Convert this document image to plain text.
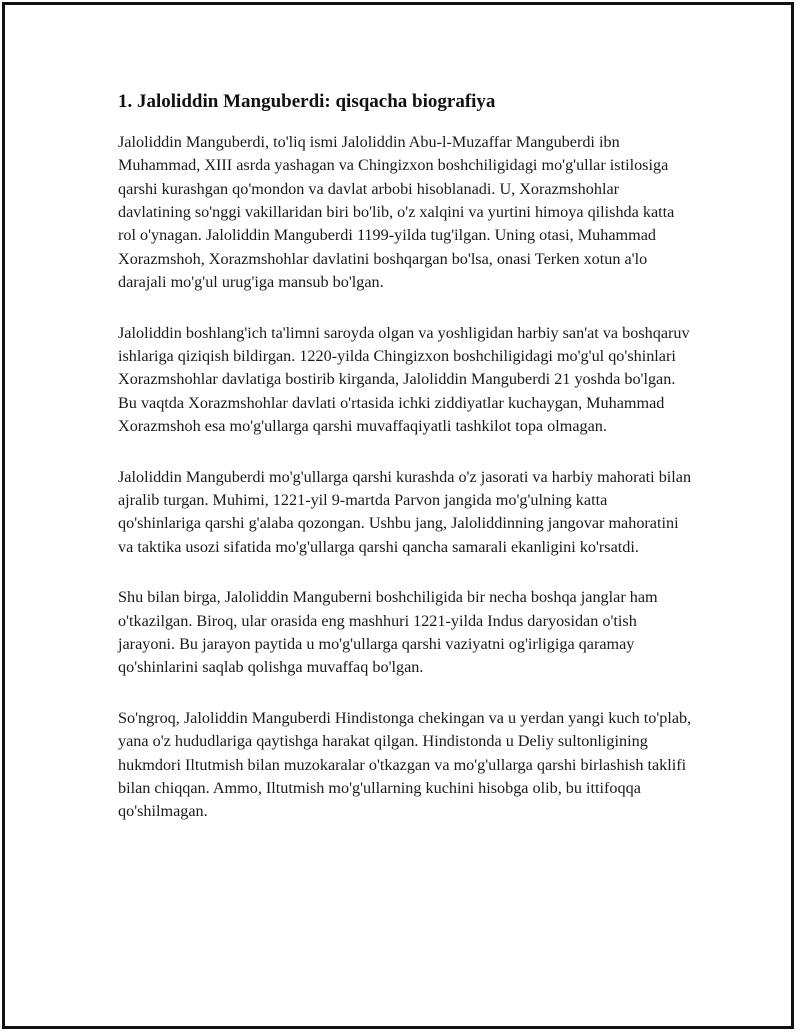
1. Jaloliddin Manguberdi: qisqacha biografiya

Jaloliddin Manguberdi, to'liq ismi Jaloliddin Abu-l-Muzaffar Manguberdi ibn Muhammad, XIII asrda yashagan va Chingizxon boshchiligidagi mo'g'ullar istilosiga qarshi kurashgan qo'mondon va davlat arbobi hisoblanadi. U, Xorazmshohlar davlatining so'nggi vakillaridan biri bo'lib, o'z xalqini va yurtini himoya qilishda katta rol o'ynagan. Jaloliddin Manguberdi 1199-yilda tug'ilgan. Uning otasi, Muhammad Xorazmshoh, Xorazmshohlar davlatini boshqargan bo'lsa, onasi Terken xotun a'lo darajali mo'g'ul urug'iga mansub bo'lgan.

Jaloliddin boshlang'ich ta'limni saroyda olgan va yoshligidan harbiy san'at va boshqaruv ishlariga qiziqish bildirgan. 1220-yilda Chingizxon boshchiligidagi mo'g'ul qo'shinlari Xorazmshohlar davlatiga bostirib kirganda, Jaloliddin Manguberdi 21 yoshda bo'lgan. Bu vaqtda Xorazmshohlar davlati o'rtasida ichki ziddiyatlar kuchaygan, Muhammad Xorazmshoh esa mo'g'ullarga qarshi muvaffaqiyatli tashkilot topa olmagan.

Jaloliddin Manguberdi mo'g'ullarga qarshi kurashda o'z jasorati va harbiy mahorati bilan ajralib turgan. Muhimi, 1221-yil 9-martda Parvon jangida mo'g'ulning katta qo'shinlariga qarshi g'alaba qozongan. Ushbu jang, Jaloliddinning jangovar mahoratini va taktika usozi sifatida mo'g'ullarga qarshi qancha samarali ekanligini ko'rsatdi.

Shu bilan birga, Jaloliddin Manguberni boshchiligida bir necha boshqa janglar ham o'tkazilgan. Biroq, ular orasida eng mashhuri 1221-yilda Indus daryosidan o'tish jarayoni. Bu jarayon paytida u mo'g'ullarga qarshi vaziyatni og'irligiga qaramay qo'shinlarini saqlab qolishga muvaffaq bo'lgan.

So'ngroq, Jaloliddin Manguberdi Hindistonga chekingan va u yerdan yangi kuch to'plab, yana o'z hududlariga qaytishga harakat qilgan. Hindistonda u Deliy sultonligining hukmdori Iltutmish bilan muzokaralar o'tkazgan va mo'g'ullarga qarshi birlashish taklifi bilan chiqqan. Ammo, Iltutmish mo'g'ullarning kuchini hisobga olib, bu ittifoqqa qo'shilmagan.
